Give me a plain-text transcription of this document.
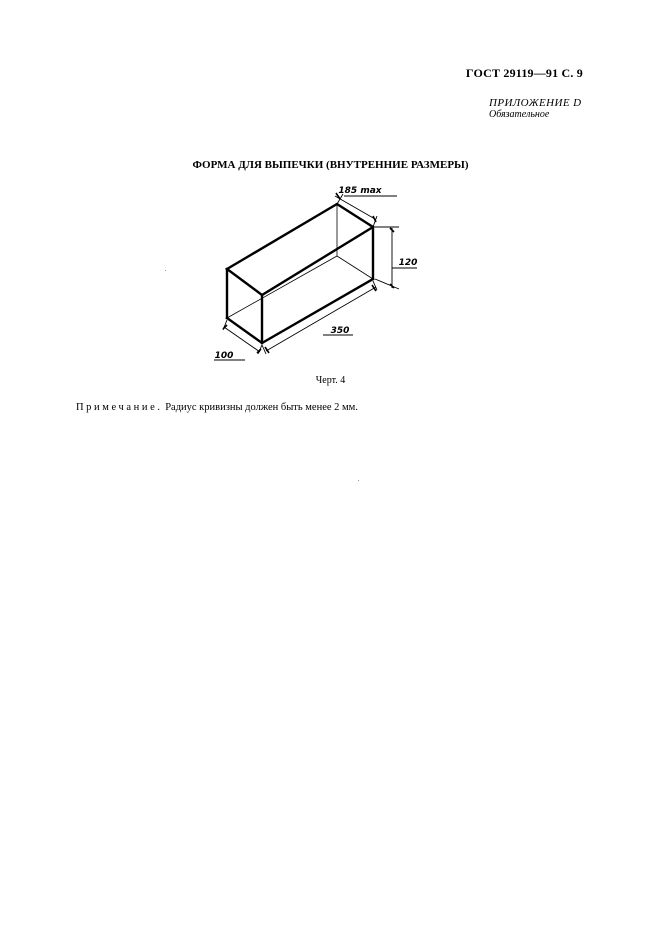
ГОСТ 29119—91 С. 9
ПРИЛОЖЕНИЕ D
Обязательное
ФОРМА ДЛЯ ВЫПЕЧКИ (ВНУТРЕННИЕ РАЗМЕРЫ)
185 max
120
350
100
Черт. 4
Примечание. Радиус кривизны должен быть менее 2 мм.
